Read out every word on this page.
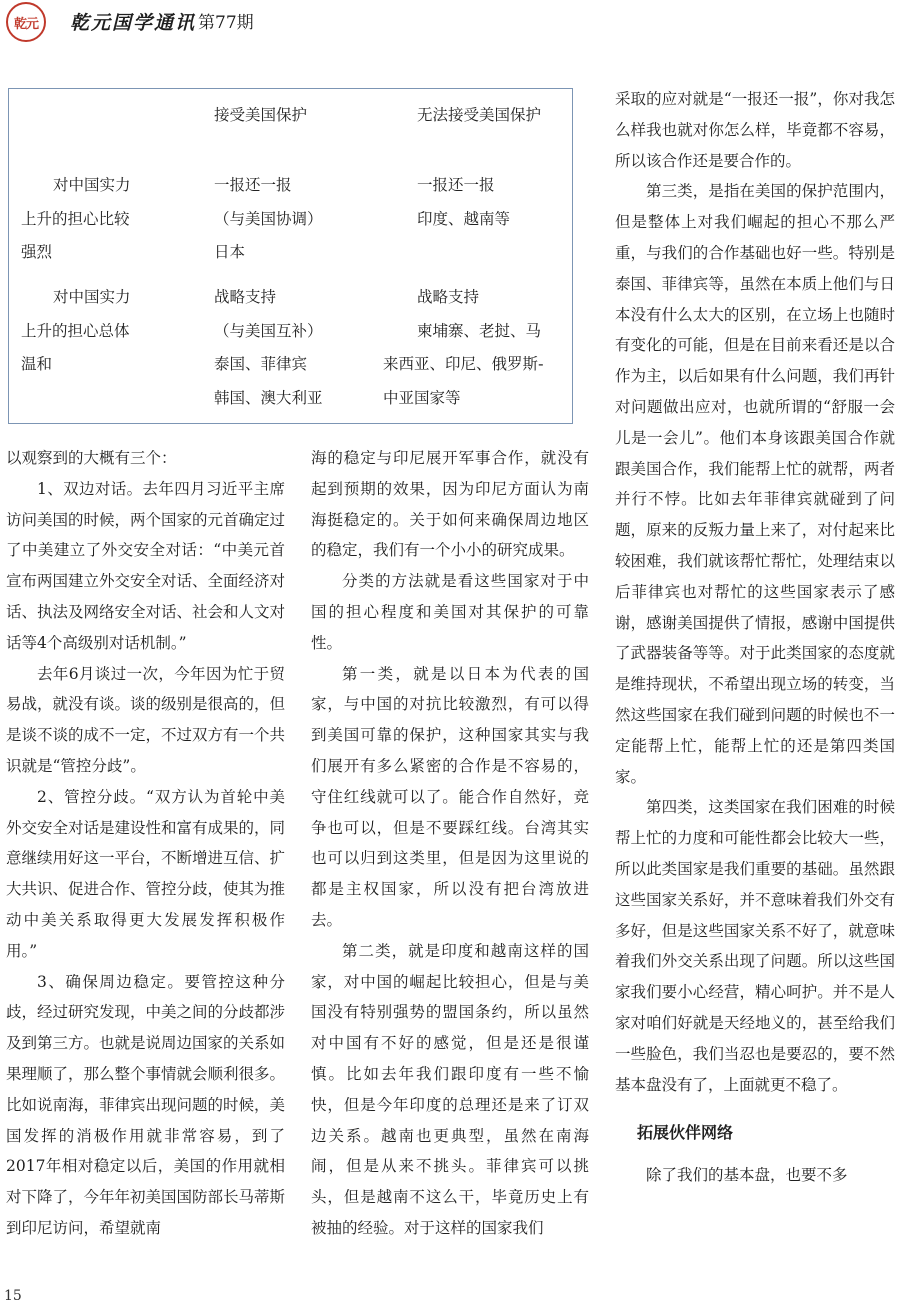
乾元 乾元国学通讯 第77期
接受美国保护	无法接受美国保护
对中国实力
上升的担心比较
强烈
一报还一报
（与美国协调）
日本
一报还一报
印度、越南等
对中国实力
上升的担心总体
温和
战略支持
（与美国互补）
泰国、菲律宾
韩国、澳大利亚
战略支持
柬埔寨、老挝、马
来西亚、印尼、俄罗斯-
中亚国家等

以观察到的大概有三个：

1、双边对话。去年四月习近平主席访问美国的时候，两个国家的元首确定过了中美建立了外交安全对话：“中美元首宣布两国建立外交安全对话、全面经济对话、执法及网络安全对话、社会和人文对话等4个高级别对话机制。”

去年6月谈过一次，今年因为忙于贸易战，就没有谈。谈的级别是很高的，但是谈不谈的成不一定，不过双方有一个共识就是“管控分歧”。

2、管控分歧。“双方认为首轮中美外交安全对话是建设性和富有成果的，同意继续用好这一平台，不断增进互信、扩大共识、促进合作、管控分歧，使其为推动中美关系取得更大发展发挥积极作用。”

3、确保周边稳定。要管控这种分歧，经过研究发现，中美之间的分歧都涉及到第三方。也就是说周边国家的关系如果理顺了，那么整个事情就会顺利很多。比如说南海，菲律宾出现问题的时候，美国发挥的消极作用就非常容易，到了2017年相对稳定以后，美国的作用就相对下降了，今年年初美国国防部长马蒂斯到印尼访问，希望就南

海的稳定与印尼展开军事合作，就没有起到预期的效果，因为印尼方面认为南海挺稳定的。关于如何来确保周边地区的稳定，我们有一个小小的研究成果。

分类的方法就是看这些国家对于中国的担心程度和美国对其保护的可靠性。

第一类，就是以日本为代表的国家，与中国的对抗比较激烈，有可以得到美国可靠的保护，这种国家其实与我们展开有多么紧密的合作是不容易的，守住红线就可以了。能合作自然好，竞争也可以，但是不要踩红线。台湾其实也可以归到这类里，但是因为这里说的都是主权国家，所以没有把台湾放进去。

第二类，就是印度和越南这样的国家，对中国的崛起比较担心，但是与美国没有特别强势的盟国条约，所以虽然对中国有不好的感觉，但是还是很谨慎。比如去年我们跟印度有一些不愉快，但是今年印度的总理还是来了订双边关系。越南也更典型，虽然在南海闹，但是从来不挑头。菲律宾可以挑头，但是越南不这么干，毕竟历史上有被抽的经验。对于这样的国家我们

采取的应对就是“一报还一报”，你对我怎么样我也就对你怎么样，毕竟都不容易，所以该合作还是要合作的。

第三类，是指在美国的保护范围内，但是整体上对我们崛起的担心不那么严重，与我们的合作基础也好一些。特别是泰国、菲律宾等，虽然在本质上他们与日本没有什么太大的区别，在立场上也随时有变化的可能，但是在目前来看还是以合作为主，以后如果有什么问题，我们再针对问题做出应对，也就所谓的“舒服一会儿是一会儿”。他们本身该跟美国合作就跟美国合作，我们能帮上忙的就帮，两者并行不悖。比如去年菲律宾就碰到了问题，原来的反叛力量上来了，对付起来比较困难，我们就该帮忙帮忙，处理结束以后菲律宾也对帮忙的这些国家表示了感谢，感谢美国提供了情报，感谢中国提供了武器装备等等。对于此类国家的态度就是维持现状，不希望出现立场的转变，当然这些国家在我们碰到问题的时候也不一定能帮上忙，能帮上忙的还是第四类国家。

第四类，这类国家在我们困难的时候帮上忙的力度和可能性都会比较大一些，所以此类国家是我们重要的基础。虽然跟这些国家关系好，并不意味着我们外交有多好，但是这些国家关系不好了，就意味着我们外交关系出现了问题。所以这些国家我们要小心经营，精心呵护。并不是人家对咱们好就是天经地义的，甚至给我们一些脸色，我们当忍也是要忍的，要不然基本盘没有了，上面就更不稳了。

拓展伙伴网络

除了我们的基本盘，也要不多

15
